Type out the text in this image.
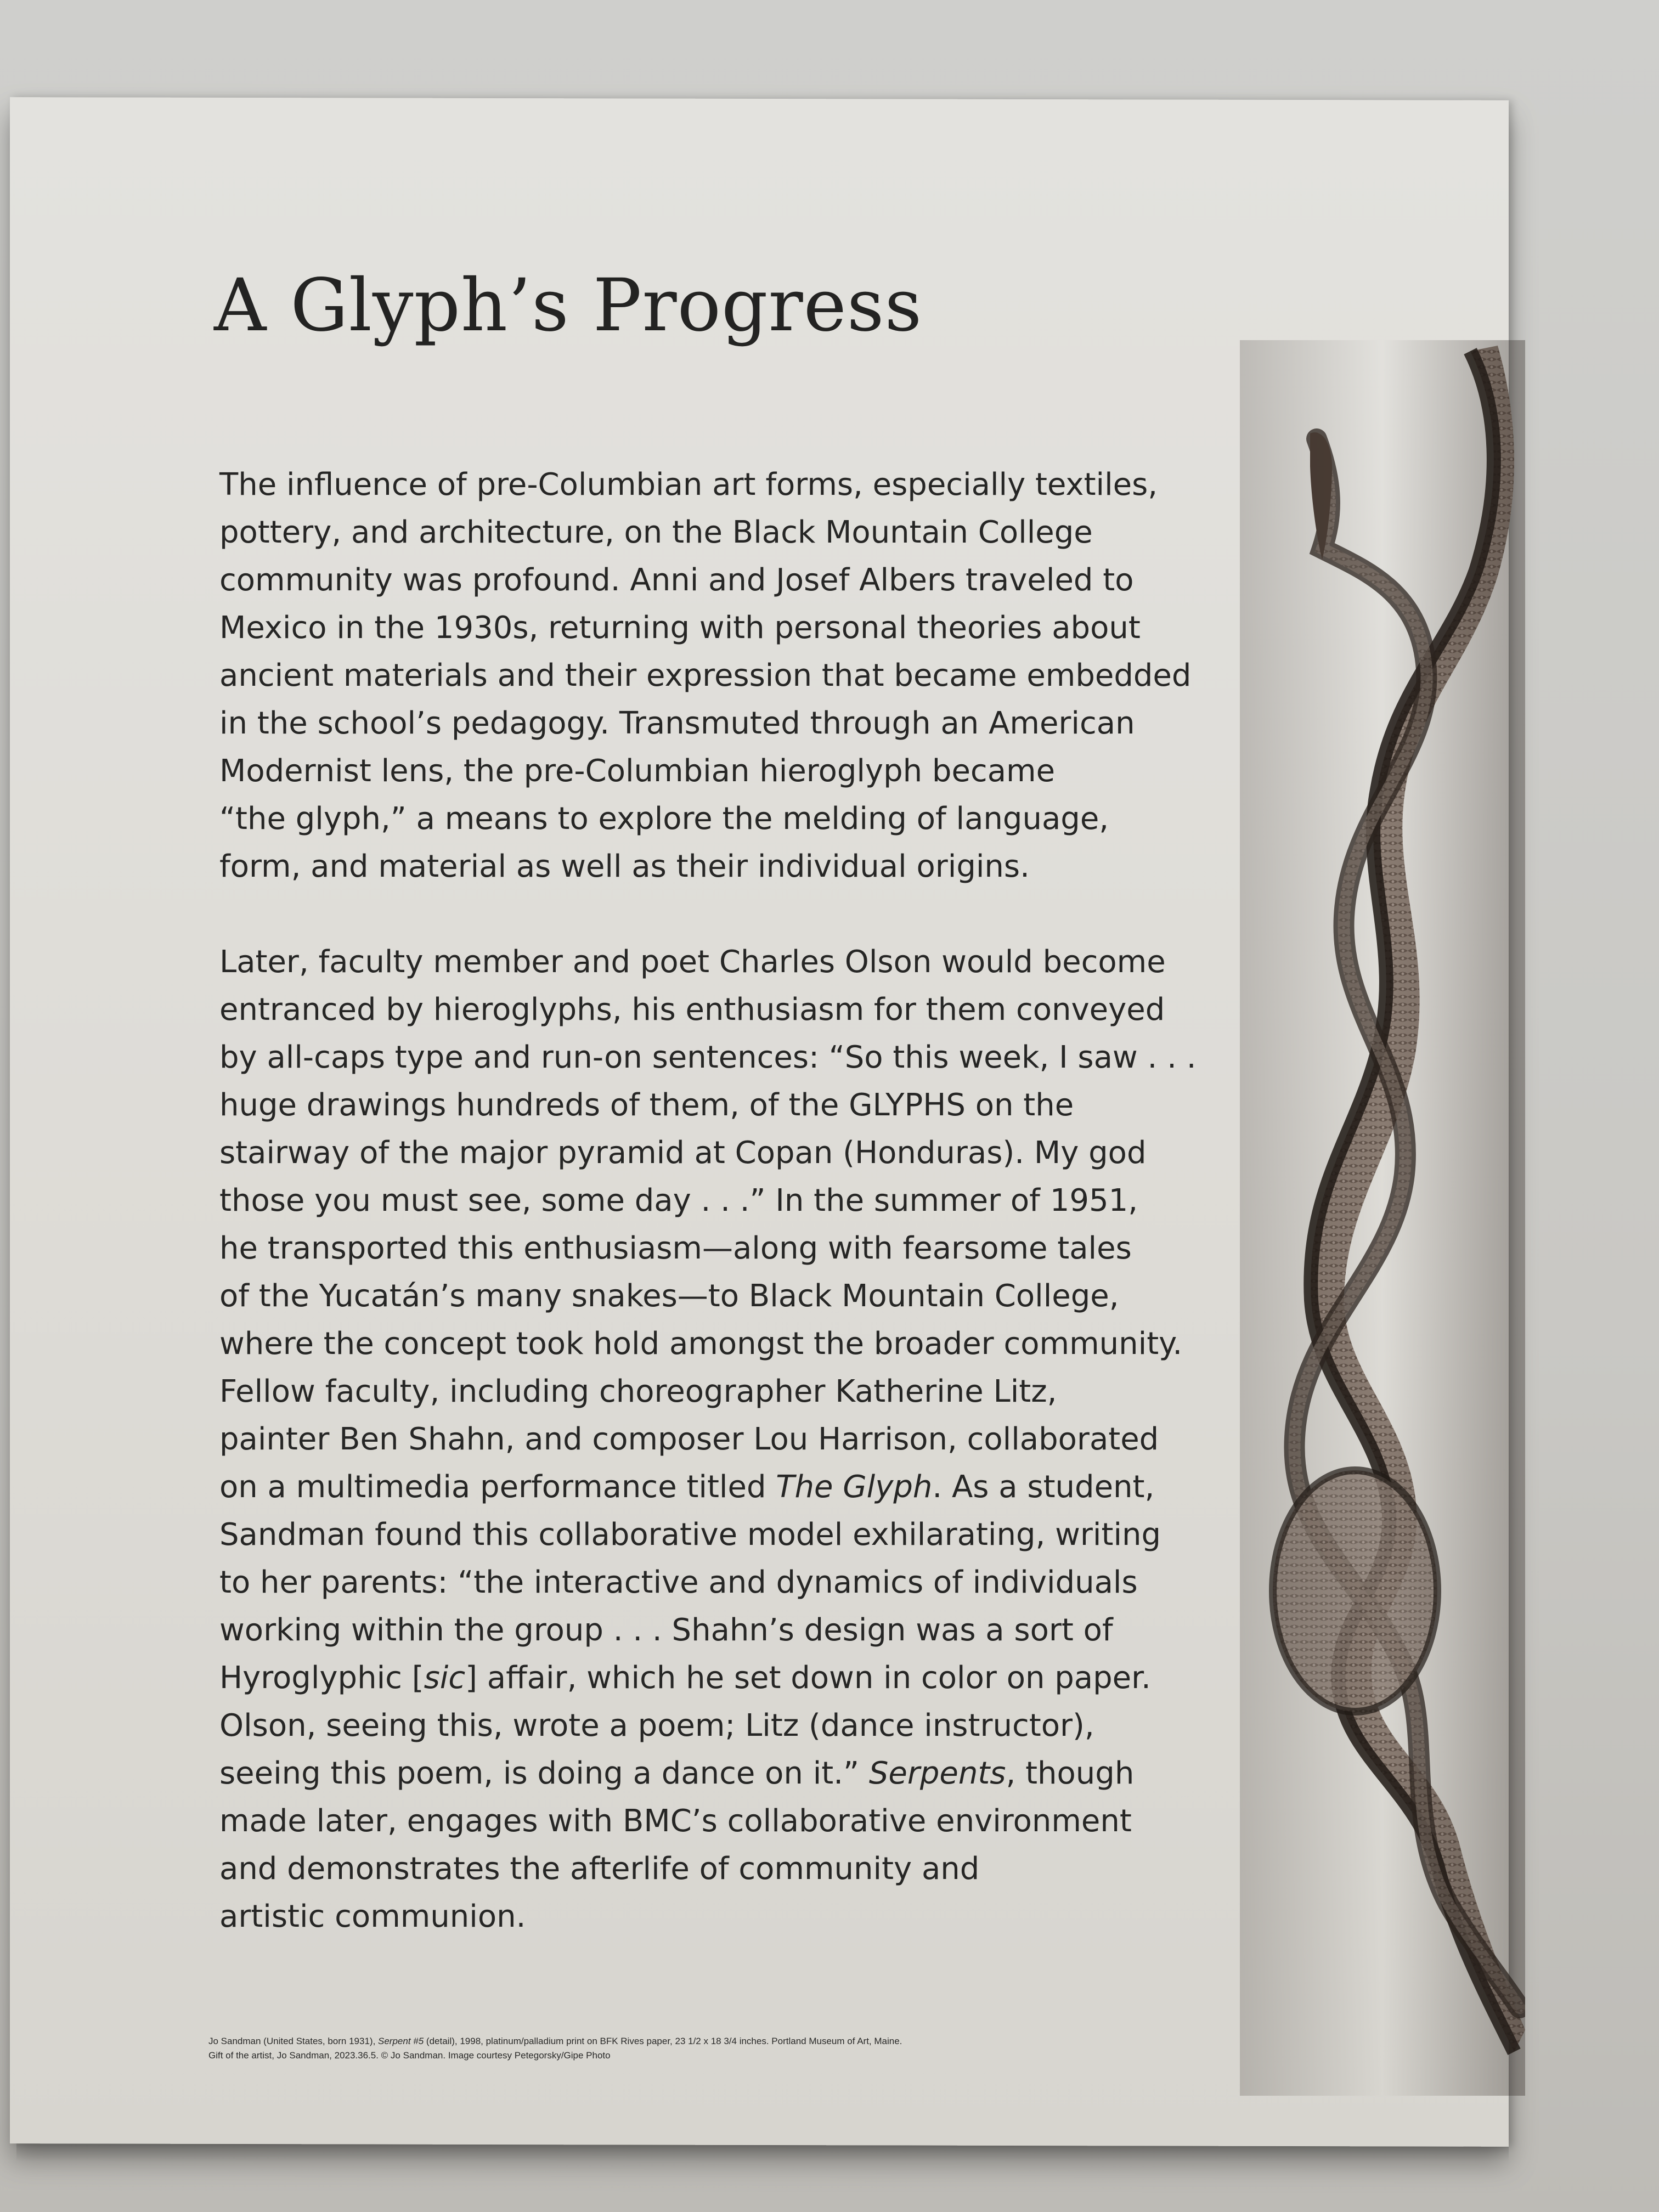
A Glyph’s Progress

The influence of pre-Columbian art forms, especially textiles,
pottery, and architecture, on the Black Mountain College
community was profound. Anni and Josef Albers traveled to
Mexico in the 1930s, returning with personal theories about
ancient materials and their expression that became embedded
in the school’s pedagogy. Transmuted through an American
Modernist lens, the pre-Columbian hieroglyph became
“the glyph,” a means to explore the melding of language,
form, and material as well as their individual origins.

Later, faculty member and poet Charles Olson would become
entranced by hieroglyphs, his enthusiasm for them conveyed
by all-caps type and run-on sentences: “So this week, I saw . . .
huge drawings hundreds of them, of the GLYPHS on the
stairway of the major pyramid at Copan (Honduras). My god
those you must see, some day . . .” In the summer of 1951,
he transported this enthusiasm—along with fearsome tales
of the Yucatán’s many snakes—to Black Mountain College,
where the concept took hold amongst the broader community.
Fellow faculty, including choreographer Katherine Litz,
painter Ben Shahn, and composer Lou Harrison, collaborated
on a multimedia performance titled The Glyph. As a student,
Sandman found this collaborative model exhilarating, writing
to her parents: “the interactive and dynamics of individuals
working within the group . . . Shahn’s design was a sort of
Hyroglyphic [sic] affair, which he set down in color on paper.
Olson, seeing this, wrote a poem; Litz (dance instructor),
seeing this poem, is doing a dance on it.” Serpents, though
made later, engages with BMC’s collaborative environment
and demonstrates the afterlife of community and
artistic communion.

Jo Sandman (United States, born 1931), Serpent #5 (detail), 1998, platinum/palladium print on BFK Rives paper, 23 1/2 x 18 3/4 inches. Portland Museum of Art, Maine.
Gift of the artist, Jo Sandman, 2023.36.5. © Jo Sandman. Image courtesy Petegorsky/Gipe Photo
